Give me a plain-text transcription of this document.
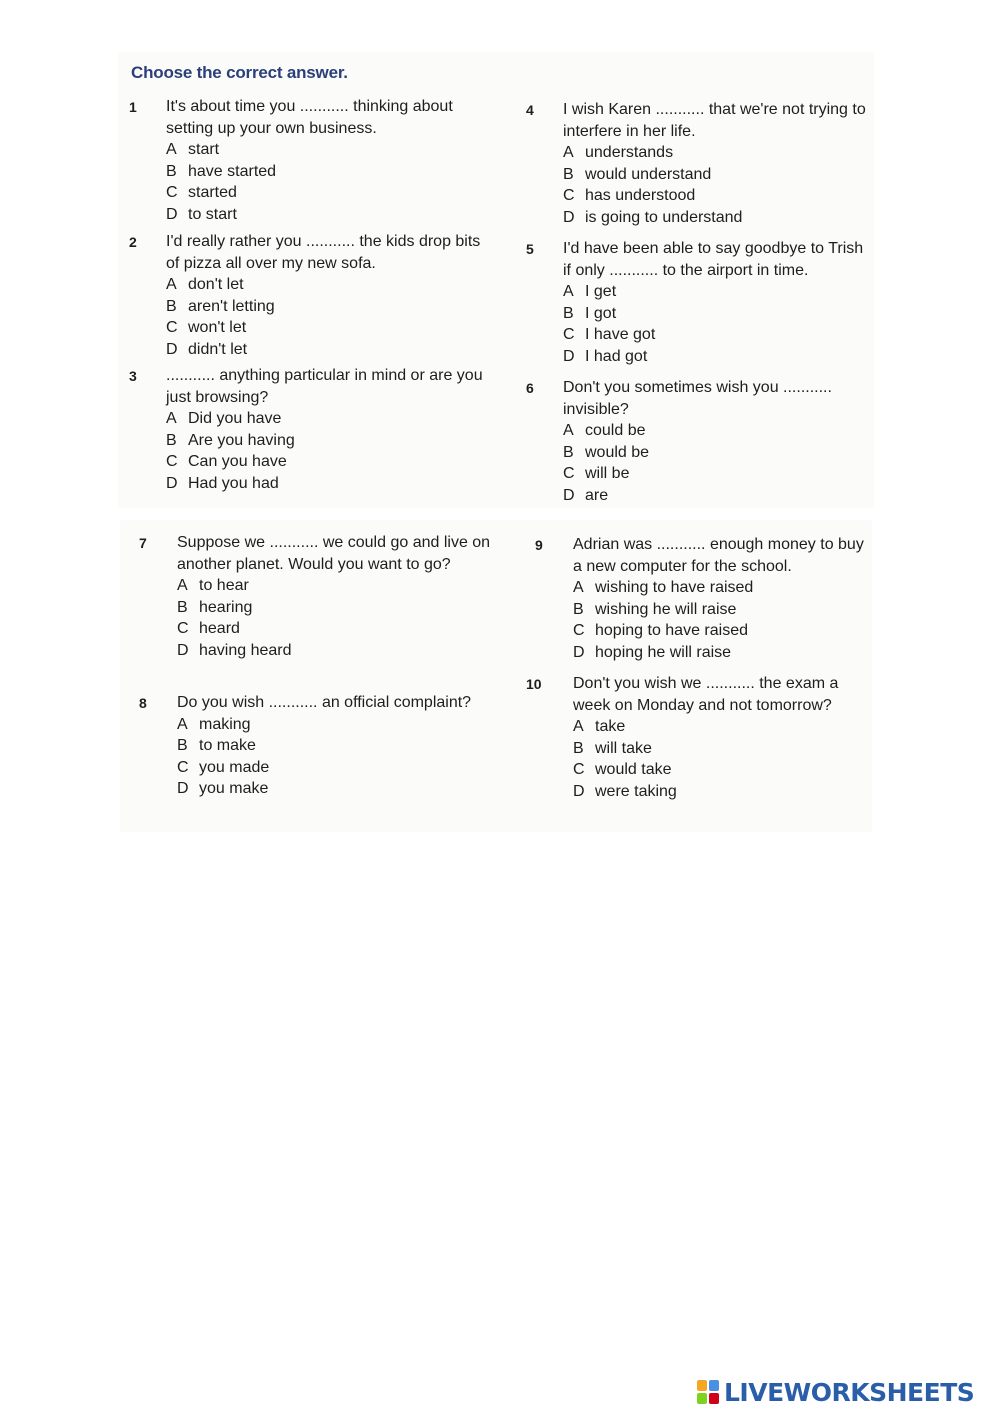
Choose the correct answer.
1 It's about time you ........... thinking about setting up your own business.

A start
B have started
C started
D to start
2 I'd really rather you ........... the kids drop bits of pizza all over my new sofa.

A don't let
B aren't letting
C won't let
D didn't let
3 ........... anything particular in mind or are you just browsing?

A Did you have
B Are you having
C Can you have
D Had you had
4 I wish Karen ........... that we're not trying to interfere in her life.

A understands
B would understand
C has understood
D is going to understand
5 I'd have been able to say goodbye to Trish if only ........... to the airport in time.

A I get
B I got
C I have got
D I had got
6 Don't you sometimes wish you ........... invisible?

A could be
B would be
C will be
D are
7 Suppose we ........... we could go and live on another planet. Would you want to go?

A to hear
B hearing
C heard
D having heard
8 Do you wish ........... an official complaint?

A making
B to make
C you made
D you make
9 Adrian was ........... enough money to buy a new computer for the school.

A wishing to have raised
B wishing he will raise
C hoping to have raised
D hoping he will raise
10 Don't you wish we ........... the exam a week on Monday and not tomorrow?

A take
B will take
C would take
D were taking
LIVEWORKSHEETS
